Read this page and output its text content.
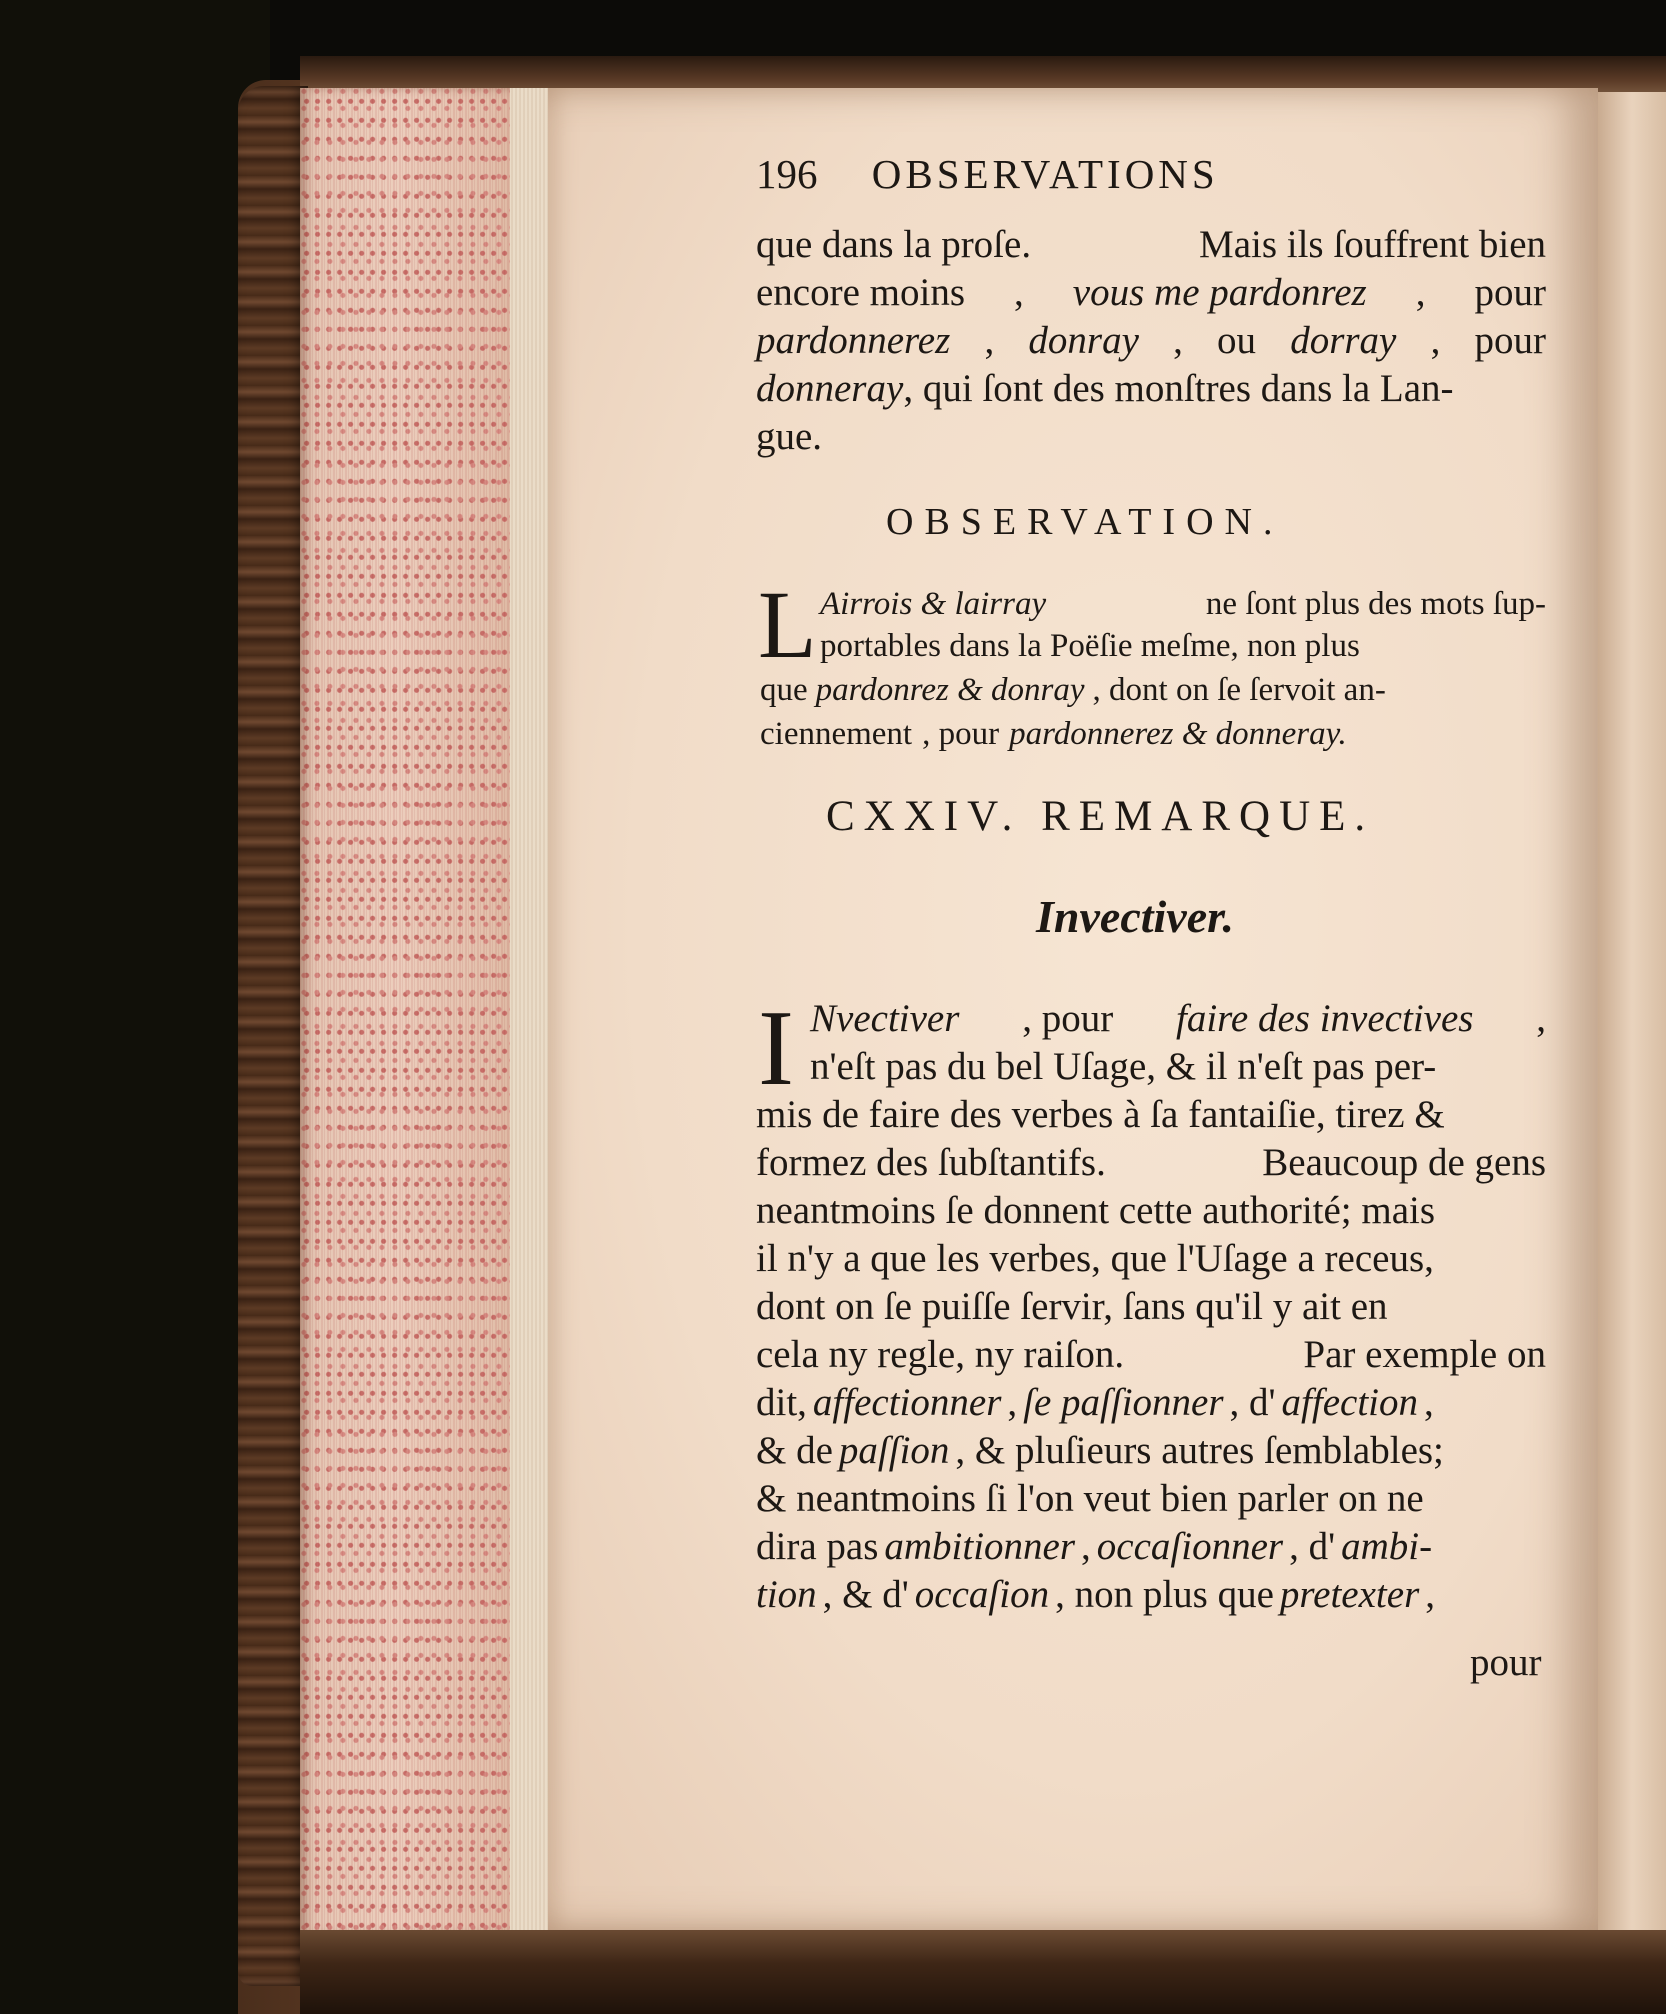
196 OBSERVATIONS
que dans la proſe.	Mais ils ſouffrent bien
encore moins , vous me pardonrez , pour
pardonnerez , donray , ou dorray , pour
donneray , qui ſont des monſtres dans la Lan-
gue.
OBSERVATION.
L Airrois & lairray	ne ſont plus des mots ſup-
portables dans la Poëſie meſme, non plus
que pardonrez & donray , dont on ſe ſervoit an-
ciennement , pour pardonnerez & donneray.
CXXIV. REMARQUE.
Invectiver.
I Nvectiver , pour faire des invectives ,
n'eſt pas du bel Uſage, & il n'eſt pas per-
mis de faire des verbes à ſa fantaiſie, tirez &
formez des ſubſtantifs.	Beaucoup de gens
neantmoins ſe donnent cette authorité; mais
il n'y a que les verbes, que l'Uſage a receus,
dont on ſe puiſſe ſervir, ſans qu'il y ait en
cela ny regle, ny raiſon.	Par exemple on
dit, affectionner , ſe paſſionner , d' affection ,
& de paſſion , & pluſieurs autres ſemblables;
& neantmoins ſi l'on veut bien parler on ne
dira pas ambitionner , occaſionner , d' ambi-
tion , & d' occaſion , non plus que pretexter ,
pour
